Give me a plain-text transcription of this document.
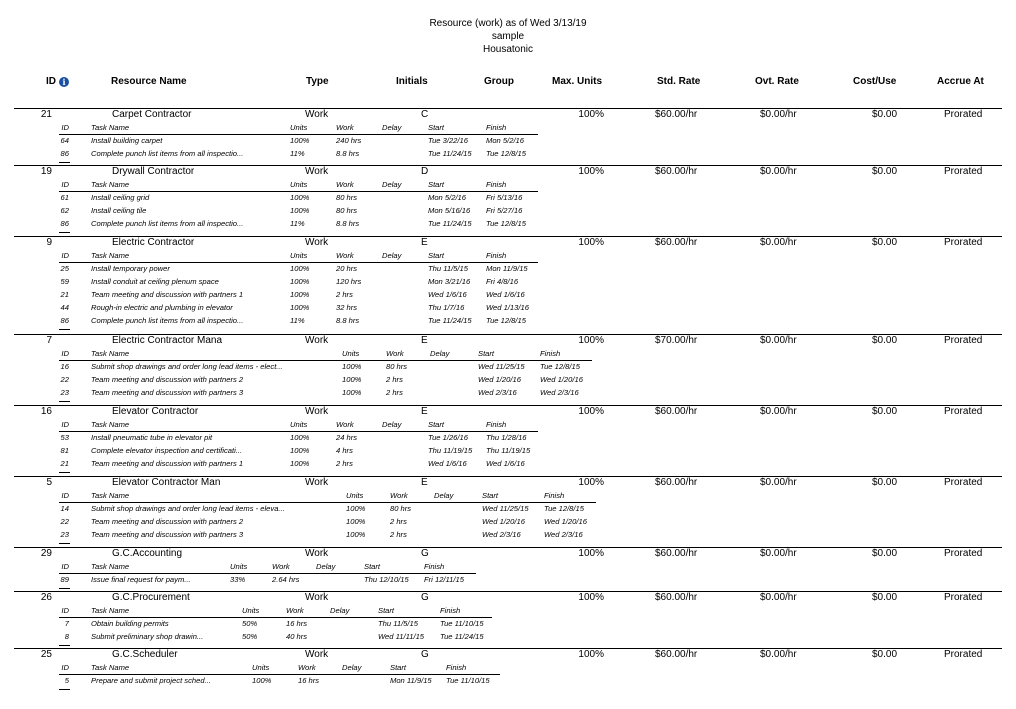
Resource (work) as of Wed 3/13/19
sample
Housatonic
ID i	Resource Name	Type	Initials	Group	Max. Units	Std. Rate	Ovt. Rate	Cost/Use	Accrue At
21	Carpet Contractor	Work	C	100%	$60.00/hr	$0.00/hr	$0.00	Prorated
ID	Task Name	Units	Work	Delay	Start	Finish
64	Install building carpet	100%	240 hrs	Tue 3/22/16 Mon 5/2/16
86	Complete punch list items from all inspectio...	11%	8.8 hrs	Tue 11/24/15 Tue 12/8/15
19	Drywall Contractor	Work	D	100%	$60.00/hr	$0.00/hr	$0.00	Prorated
ID	Task Name	Units	Work	Delay	Start	Finish
61	Install ceiling grid	100%	80 hrs	Mon 5/2/16	Fri 5/13/16
62	Install ceiling tile	100%	80 hrs	Mon 5/16/16 Fri 5/27/16
86	Complete punch list items from all inspectio...	11%	8.8 hrs	Tue 11/24/15 Tue 12/8/15
9	Electric Contractor	Work	E	100%	$60.00/hr	$0.00/hr	$0.00	Prorated
ID	Task Name	Units	Work	Delay	Start	Finish
25	Install temporary power	100%	20 hrs	Thu 11/5/15 Mon 11/9/15
59	Install conduit at ceiling plenum space	100%	120 hrs	Mon 3/21/16 Fri 4/8/16
21	Team meeting and discussion with partners 1	100%	2 hrs	Wed 1/6/16	Wed 1/6/16
44	Rough-in electric and plumbing in elevator	100%	32 hrs	Thu 1/7/16	Wed 1/13/16
86	Complete punch list items from all inspectio...	11%	8.8 hrs	Tue 11/24/15 Tue 12/8/15
7	Electric Contractor Mana	Work	E	100%	$70.00/hr	$0.00/hr	$0.00	Prorated
ID	Task Name	Units	Work	Delay	Start	Finish
16	Submit shop drawings and order long lead items - elect...	100%	80 hrs	Wed 11/25/15 Tue 12/8/15
22	Team meeting and discussion with partners 2	100%	2 hrs	Wed 1/20/16	Wed 1/20/16
23	Team meeting and discussion with partners 3	100%	2 hrs	Wed 2/3/16	Wed 2/3/16
16	Elevator Contractor	Work	E	100%	$60.00/hr	$0.00/hr	$0.00	Prorated
ID	Task Name	Units	Work	Delay	Start	Finish
53	Install pneumatic tube in elevator pit	100%	24 hrs	Tue 1/26/16 Thu 1/28/16
81	Complete elevator inspection and certificati...	100%	4 hrs	Thu 11/19/15 Thu 11/19/15
21	Team meeting and discussion with partners 1	100%	2 hrs	Wed 1/6/16	Wed 1/6/16
5	Elevator Contractor Man	Work	E	100%	$60.00/hr	$0.00/hr	$0.00	Prorated
ID	Task Name	Units	Work	Delay	Start	Finish
14	Submit shop drawings and order long lead items - eleva...	100%	80 hrs	Wed 11/25/15 Tue 12/8/15
22	Team meeting and discussion with partners 2	100%	2 hrs	Wed 1/20/16	Wed 1/20/16
23	Team meeting and discussion with partners 3	100%	2 hrs	Wed 2/3/16	Wed 2/3/16
29	G.C.Accounting	Work	G	100%	$60.00/hr	$0.00/hr	$0.00	Prorated
ID	Task Name	Units	Work	Delay	Start	Finish
89	Issue final request for paym...	33%	2.64 hrs	Thu 12/10/15 Fri 12/11/15
26	G.C.Procurement	Work	G	100%	$60.00/hr	$0.00/hr	$0.00	Prorated
ID	Task Name	Units	Work	Delay	Start	Finish
7	Obtain building permits	50%	16 hrs	Thu 11/5/15	Tue 11/10/15
8	Submit preliminary shop drawin...	50%	40 hrs	Wed 11/11/15 Tue 11/24/15
25	G.C.Scheduler	Work	G	100%	$60.00/hr	$0.00/hr	$0.00	Prorated
ID	Task Name	Units	Work	Delay	Start	Finish
5	Prepare and submit project sched...	100%	16 hrs	Mon 11/9/15 Tue 11/10/15
